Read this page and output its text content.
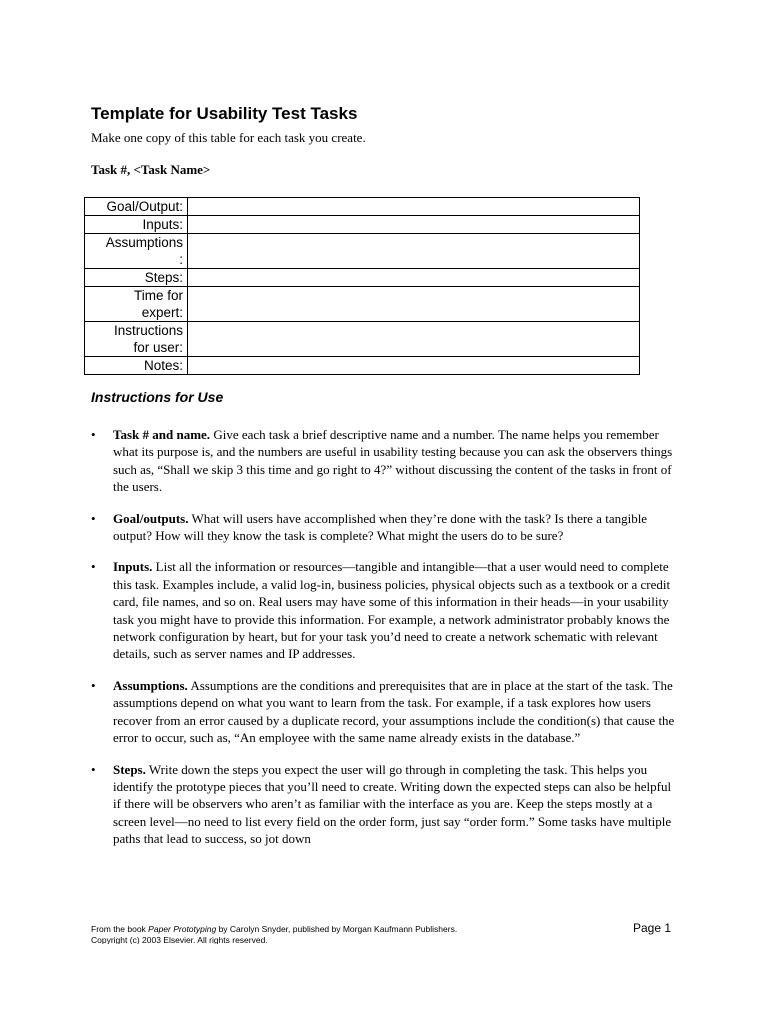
Template for Usability Test Tasks

Make one copy of this table for each task you create.

Task #, <Task Name>

Goal/Output:	
Inputs:	
Assumptions
:	
Steps:	
Time for
expert:	
Instructions
for user:	
Notes:	

Instructions for Use

• Task # and name. Give each task a brief descriptive name and a number. The name helps you remember what its purpose is, and the numbers are useful in usability testing because you can ask the observers things such as, “Shall we skip 3 this time and go right to 4?” without discussing the content of the tasks in front of the users.
• Goal/outputs. What will users have accomplished when they’re done with the task? Is there a tangible output? How will they know the task is complete? What might the users do to be sure?
• Inputs. List all the information or resources—tangible and intangible—that a user would need to complete this task. Examples include, a valid log-in, business policies, physical objects such as a textbook or a credit card, file names, and so on. Real users may have some of this information in their heads—in your usability task you might have to provide this information. For example, a network administrator probably knows the network configuration by heart, but for your task you’d need to create a network schematic with relevant details, such as server names and IP addresses.
• Assumptions. Assumptions are the conditions and prerequisites that are in place at the start of the task. The assumptions depend on what you want to learn from the task. For example, if a task explores how users recover from an error caused by a duplicate record, your assumptions include the condition(s) that cause the error to occur, such as, “An employee with the same name already exists in the database.”
• Steps. Write down the steps you expect the user will go through in completing the task. This helps you identify the prototype pieces that you’ll need to create. Writing down the expected steps can also be helpful if there will be observers who aren’t as familiar with the interface as you are. Keep the steps mostly at a screen level—no need to list every field on the order form, just say “order form.” Some tasks have multiple paths that lead to success, so jot down
From the book Paper Prototyping by Carolyn Snyder, published by Morgan Kaufmann Publishers.
Copyright (c) 2003 Elsevier. All rights reserved.
Page 1
